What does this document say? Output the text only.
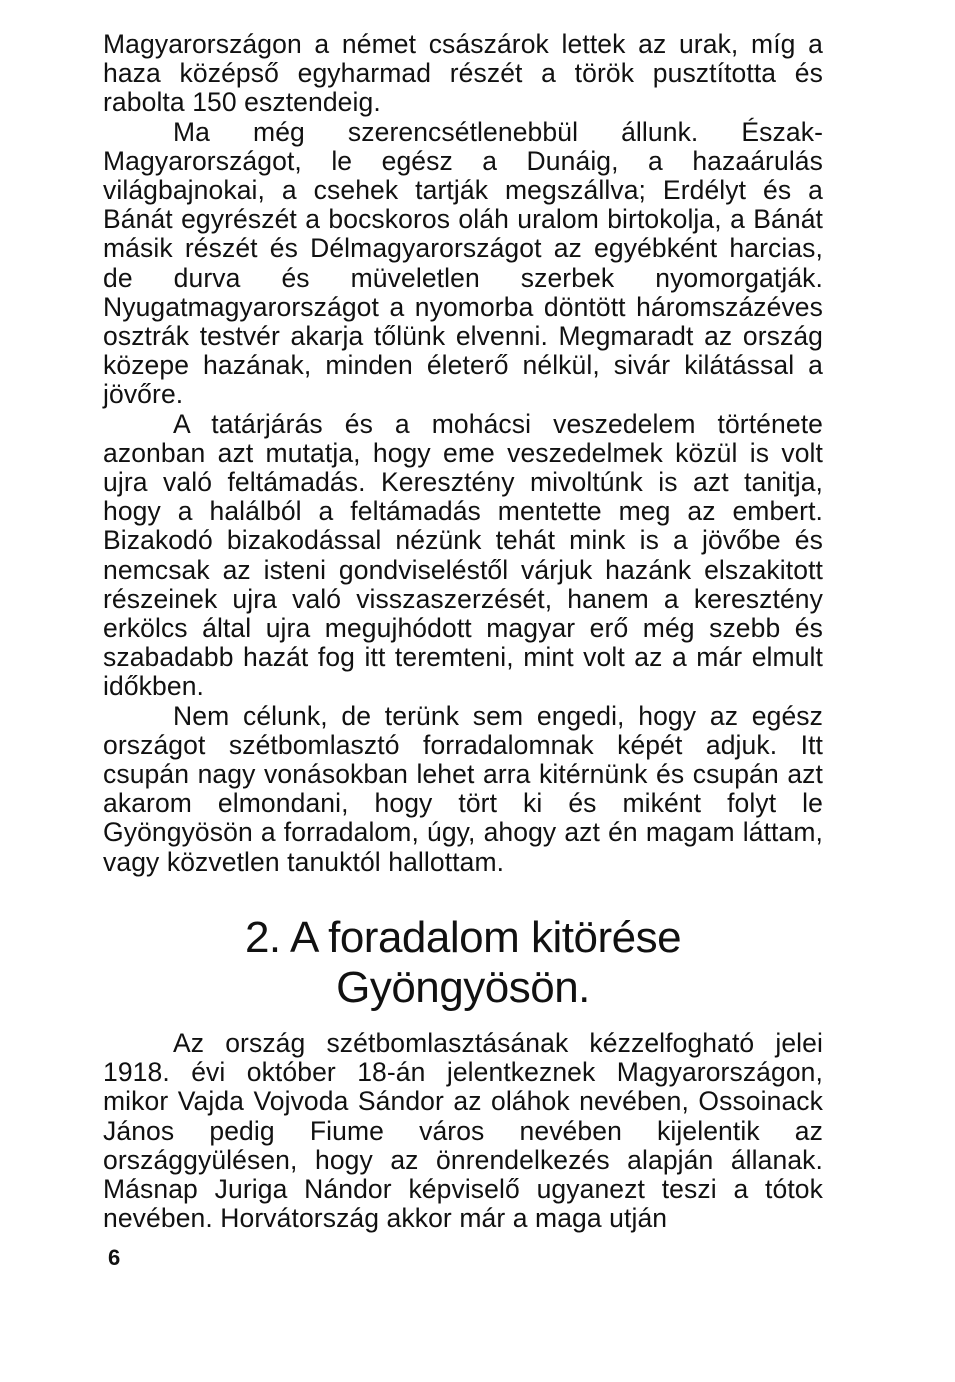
Magyarországon a német császárok lettek az urak, míg a haza középső egyharmad részét a török pusztította és rabolta 150 esztendeig.

Ma még szerencsétlenebbül állunk. Észak-Magyarországot, le egész a Dunáig, a hazaárulás világbajnokai, a csehek tartják megszállva; Erdélyt és a Bánát egyrészét a bocskoros oláh uralom birtokolja, a Bánát másik részét és Délmagyarországot az egyébként harcias, de durva és müveletlen szerbek nyomorgatják. Nyugatmagyarországot a nyomorba döntött háromszázéves osztrák testvér akarja tőlünk elvenni. Megmaradt az ország közepe hazának, minden életerő nélkül, sivár kilátással a jövőre.

A tatárjárás és a mohácsi veszedelem története azonban azt mutatja, hogy eme veszedelmek közül is volt ujra való feltámadás. Keresztény mivoltúnk is azt tanitja, hogy a halálból a feltámadás mentette meg az embert. Bizakodó bizakodással nézünk tehát mink is a jövőbe és nemcsak az isteni gondviseléstől várjuk hazánk elszakitott részeinek ujra való visszaszerzését, hanem a keresztény erkölcs által ujra megujhódott magyar erő még szebb és szabadabb hazát fog itt teremteni, mint volt az a már elmult időkben.

Nem célunk, de terünk sem engedi, hogy az egész országot szétbomlasztó forradalomnak képét adjuk. Itt csupán nagy vonásokban lehet arra kitérnünk és csupán azt akarom elmondani, hogy tört ki és miként folyt le Gyöngyösön a forradalom, úgy, ahogy azt én magam láttam, vagy közvetlen tanuktól hallottam.

2. A foradalom kitörése
Gyöngyösön.

Az ország szétbomlasztásának kézzelfogható jelei 1918. évi október 18-án jelentkeznek Magyarországon, mikor Vajda Vojvoda Sándor az oláhok nevében, Ossoinack János pedig Fiume város nevében kijelentik az országgyülésen, hogy az önrendelkezés alapján állanak. Másnap Juriga Nándor képviselő ugyanezt teszi a tótok nevében. Horvátország akkor már a maga utján

6
